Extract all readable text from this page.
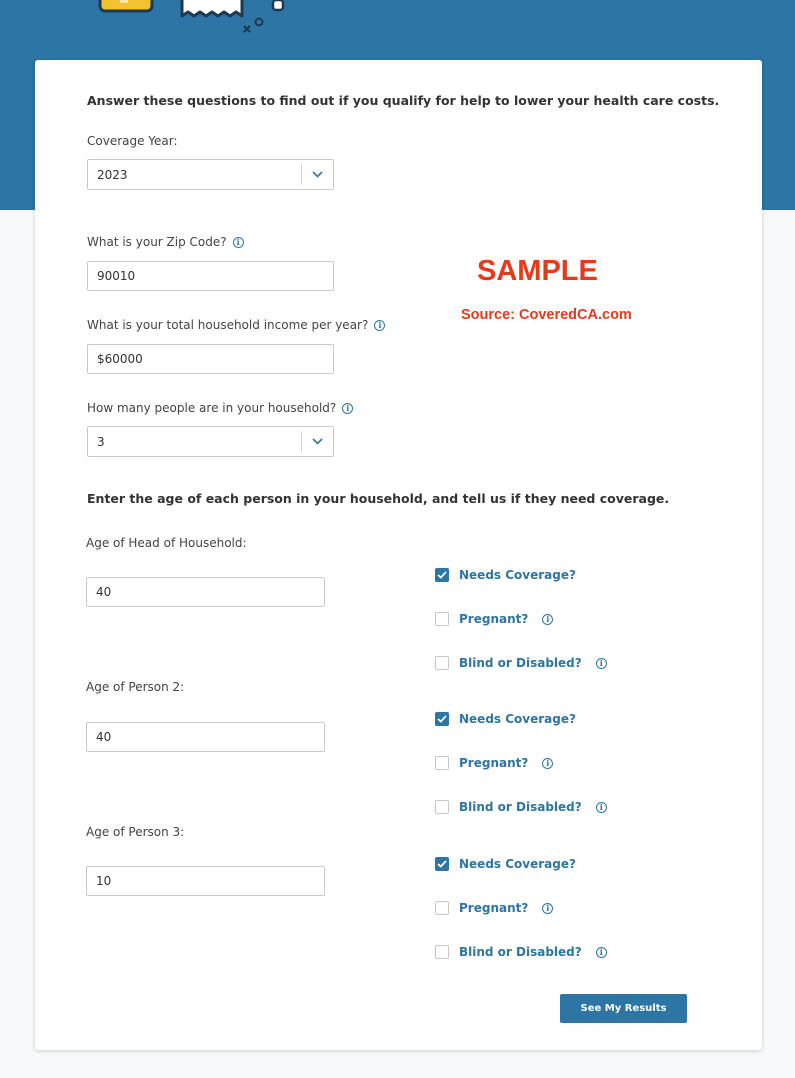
Answer these questions to find out if you qualify for help to lower your health care costs.
Coverage Year:
2023
What is your Zip Code?	i
90010	SAMPLE
Source: CoveredCA.com
What is your total household income per year?	i
$60000
How many people are in your household?	i
3
Enter the age of each person in your household, and tell us if they need coverage.
Age of Head of Household:
40
Needs Coverage?
Pregnant?	i
Blind or Disabled?	i
Age of Person 2:
40
Needs Coverage?
Pregnant?	i
Blind or Disabled?	i
Age of Person 3:
10
Needs Coverage?
Pregnant?	i
Blind or Disabled?	i
See My Results
